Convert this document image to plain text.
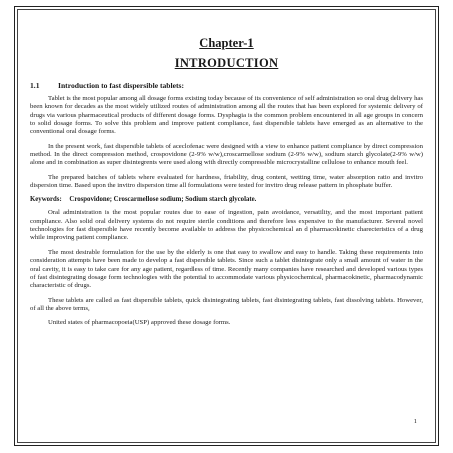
Chapter-1
INTRODUCTION
1.1	Introduction to fast dispersible tablets:

Tablet is the most popular among all dosage forms existing today because of its convenience of self administration so oral drug delivery has been known for decades as the most widely utilized routes of administration among all the routes that has been explored for systemic delivery of drugs via various pharmaceutical products of different dosage forms. Dysphagia is the common problem encountered in all age groups in concern to solid dosage forms. To solve this problem and improve patient compliance, fast dispersible tablets have emerged as an alternative to the conventional oral dosage forms.

In the present work, fast dispersible tablets of aceclofenac were designed with a view to enhance patient compliance by direct compression method. In the direct compression method, crospovidone (2-9% w/w),croscarmellose sodium (2-9% w/w), sodium starch glycolate(2-9% w/w) alone and in combination as super disintegrents were used along with directly compressible microcrystalline cellulose to enhance mouth feel.

The prepared batches of tablets where evaluated for hardness, friability, drug content, wetting time, water absorption ratio and invitro dispersion time. Based upon the invitro dispersion time all formulations were tested for invitro drug release pattern in phosphate buffer.

Keywords: Crospovidone; Croscarmellose sodium; Sodium starch glycolate.

Oral administration is the most popular routes due to ease of ingestion, pain avoidance, versatility, and the most important patient compliance. Also solid oral delivery systems do not require sterile conditions and therefore less expensive to the manufacturer. Several novel technologies for fast dispersible have recently become available to address the physicochemical an d pharmacokinetic charecteristics of a drug while improving patient compliance.

The most desirable formulation for the use by the elderly is one that easy to swallow and easy to handle. Taking these requirements into consideration attempts have been made to develop a fast dispersible tablets. Since such a tablet disintegrate only a small amount of water in the oral cavity, it is easy to take care for any age patient, regardless of time. Recently many companies have researched and developed various types of fast disintegrating dosage form technologies with the potential to accommodate various physicochemical, pharmacokinetic, pharmacodynamic characteristic of drugs.

These tablets are called as fast dispersible tablets, quick disintegrating tablets, fast disintegrating tablets, fast dissolving tablets. However, of all the above terms,

United states of pharmacopoeia(USP) approved these dosage forms.

1
